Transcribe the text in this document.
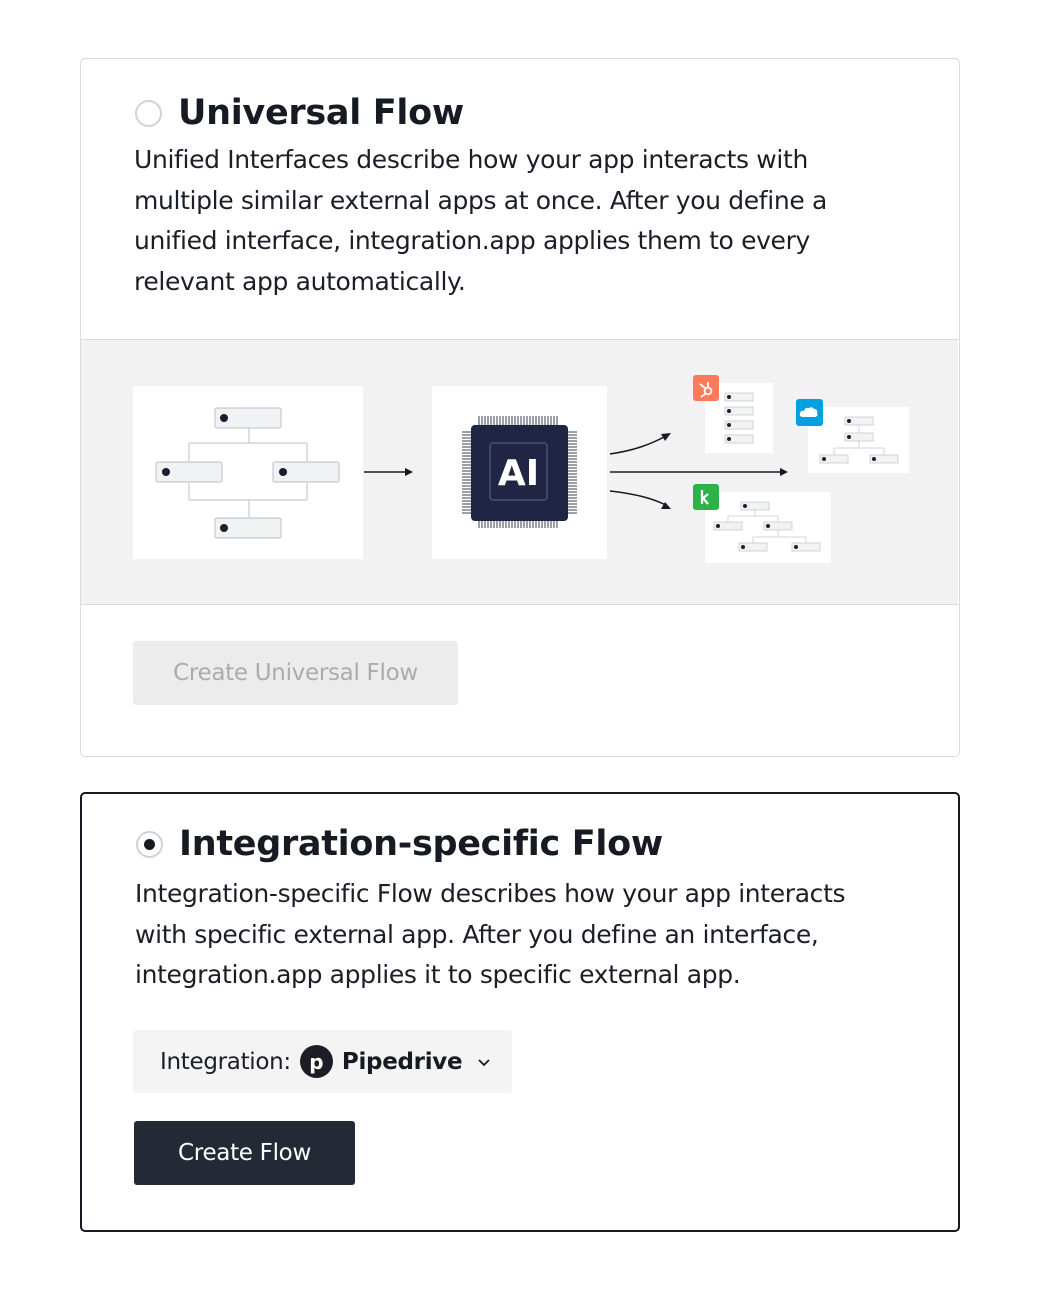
Universal Flow
Unified Interfaces describe how your app interacts with multiple similar external apps at once. After you define a unified interface, integration.app applies them to every relevant app automatically.
AI
Create Universal Flow
Integration-specific Flow
Integration-specific Flow describes how your app interacts with specific external app. After you define an interface, integration.app applies it to specific external app.
Integration: p Pipedrive
Create Flow
